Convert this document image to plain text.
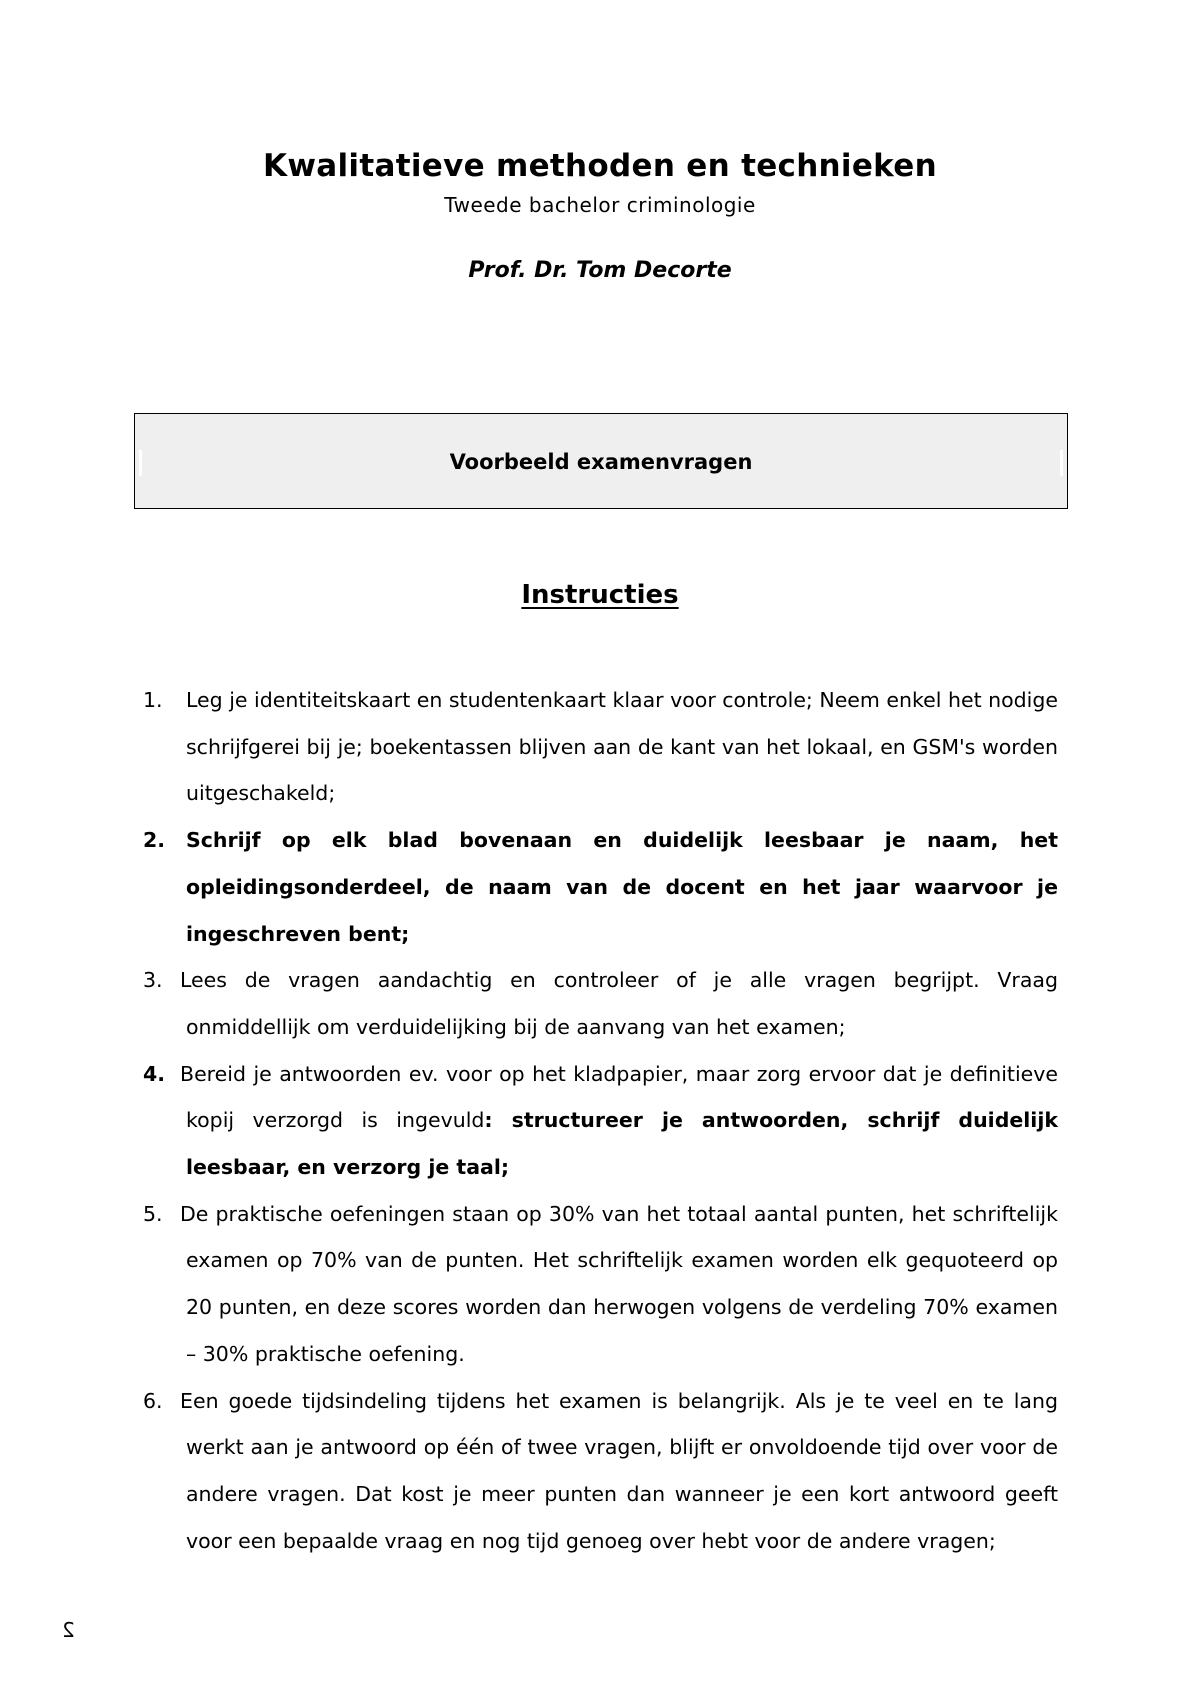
Kwalitatieve methoden en technieken
Tweede bachelor criminologie
Prof. Dr. Tom Decorte
Voorbeeld examenvragen
Instructies
1. Leg je identiteitskaart en studentenkaart klaar voor controle; Neem enkel het nodige schrijfgerei bij je; boekentassen blijven aan de kant van het lokaal, en GSM's worden uitgeschakeld;
2. Schrijf op elk blad bovenaan en duidelijk leesbaar je naam, het opleidingsonderdeel, de naam van de docent en het jaar waarvoor je ingeschreven bent;
3. Lees de vragen aandachtig en controleer of je alle vragen begrijpt. Vraag onmiddellijk om verduidelijking bij de aanvang van het examen;
4. Bereid je antwoorden ev. voor op het kladpapier, maar zorg ervoor dat je definitieve kopij verzorgd is ingevuld: structureer je antwoorden, schrijf duidelijk leesbaar, en verzorg je taal;
5. De praktische oefeningen staan op 30% van het totaal aantal punten, het schriftelijk examen op 70% van de punten. Het schriftelijk examen worden elk gequoteerd op 20 punten, en deze scores worden dan herwogen volgens de verdeling 70% examen – 30% praktische oefening.
6. Een goede tijdsindeling tijdens het examen is belangrijk. Als je te veel en te lang werkt aan je antwoord op één of twee vragen, blijft er onvoldoende tijd over voor de andere vragen. Dat kost je meer punten dan wanneer je een kort antwoord geeft voor een bepaalde vraag en nog tijd genoeg over hebt voor de andere vragen;
2
